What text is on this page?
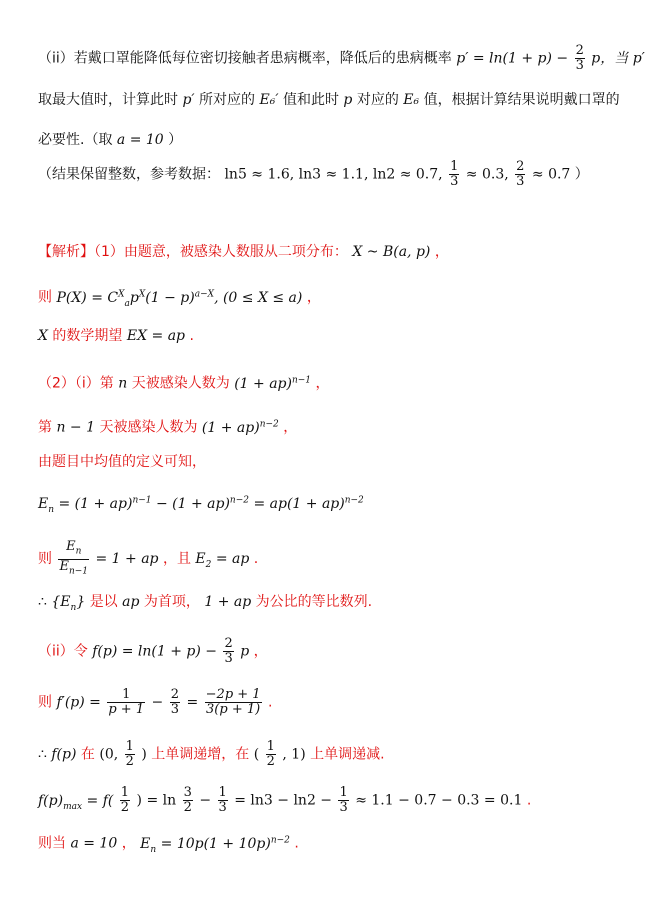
（ii）若戴口罩能降低每位密切接触者患病概率，降低后的患病概率 $p' = \ln(1 + p) - \frac{2}{3}$ p，当 p′
取最大值时，计算此时 p′ 所对应的 E₆′ 值和此时 p 对应的 E₆ 值，根据计算结果说明戴口罩的
必要性.（取 a = 10 ）
（结果保留整数，参考数据： ln5 ≈ 1.6, ln3 ≈ 1.1, ln2 ≈ 0.7, $\frac{1}{3} \approx 0.3$, $\frac{2}{3} \approx 0.7$ ）
【解析】（1）由题意，被感染人数服从二项分布： X ~ B(a, p) ，
则 $P(X) = C^X_ap^X(1 - p)^{a-X}$, (0 ≤ X ≤ a) ，
X 的数学期望 EX = ap .
（2）（i）第 n 天被感染人数为 (1 + ap)$^{n-1}$ ，
第 n − 1 天被感染人数为 (1 + ap)$^{n-2}$ ，
由题目中均值的定义可知，
$E_n = (1 + ap)^{n-1} - (1 + ap)^{n-2} = ap(1 + ap)^{n-2}$
则 $\frac{E_n}{E_{n-1}} = 1$ + ap ，且 $E_2$ = ap .
∴ $\{E_n\}$ 是以 ap 为首项， 1 + ap 为公比的等比数列.
（ii）令 $f(p) = \ln(1 + p) - \frac{2}{3}$ p ，
则 $f'(p) = \frac{1}{p + 1} - \frac{2}{3} = \frac{-2p + 1}{3(p + 1)}$ .
∴ f(p) 在 (0, $\frac{1}{2}$ ) 上单调递增，在 ( $\frac{1}{2}$ , 1) 上单调递减.
$f(p)_{max} = f( \frac{1}{2}$ ) = $\ln \frac{3}{2} - \frac{1}{3} = \ln 3 - \ln 2 - \frac{1}{3} \approx 1.1 - 0.7 - 0.3 = 0.1$ .
则当 a = 10 ， $E_n = 10p(1 + 10p)^{n-2}$ .
